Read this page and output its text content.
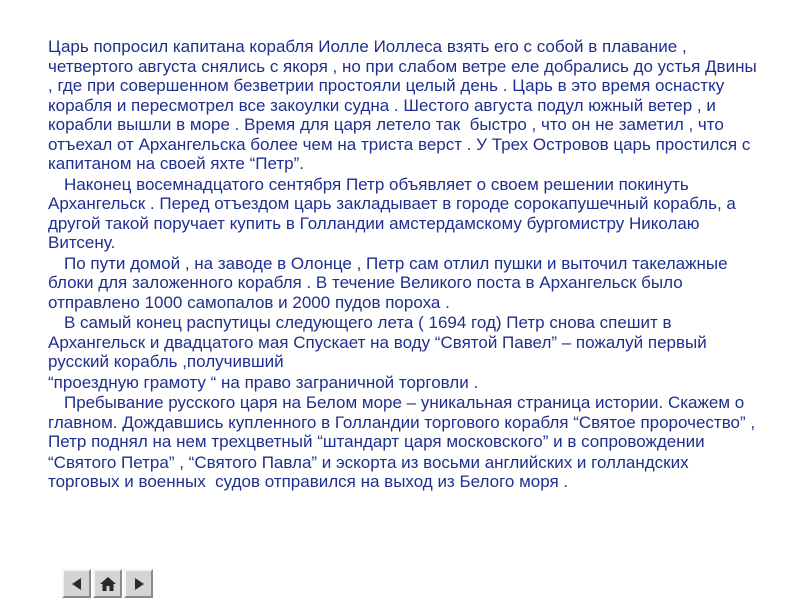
Царь попросил капитана корабля Иолле Иоллеса взять его с собой в плавание , четвертого августа снялись с якоря , но при слабом ветре еле добрались до устья Двины , где при совершенном безветрии простояли целый день . Царь в это время оснастку корабля и пересмотрел все закоулки судна . Шестого августа подул южный ветер , и корабли вышли в море . Время для царя летело так  быстро , что он не заметил , что отъехал от Архангельска более чем на триста верст . У Трех Островов царь простился с капитаном на своей яхте “Петр”.

Наконец восемнадцатого сентября Петр объявляет о своем решении покинуть Архангельск . Перед отъездом царь закладывает в городе сорокапушечный корабль, а другой такой поручает купить в Голландии амстердамскому бургомистру Николаю Витсену.

По пути домой , на заводе в Олонце , Петр сам отлил пушки и выточил такелажные блоки для заложенного корабля . В течение Великого поста в Архангельск было отправлено 1000 самопалов и 2000 пудов пороха .

В самый конец распутицы следующего лета ( 1694 год) Петр снова спешит в Архангельск и двадцатого мая Спускает на воду “Святой Павел” – пожалуй первый русский корабль ,получивший

“проездную грамоту “ на право заграничной торговли .

Пребывание русского царя на Белом море – уникальная страница истории. Скажем о главном. Дождавшись купленного в Голландии торгового корабля “Святое пророчество” , Петр поднял на нем трехцветный “штандарт царя московского” и в сопровождении

“Святого Петра” , “Святого Павла” и эскорта из восьми английских и голландских торговых и военных  судов отправился на выход из Белого моря .
